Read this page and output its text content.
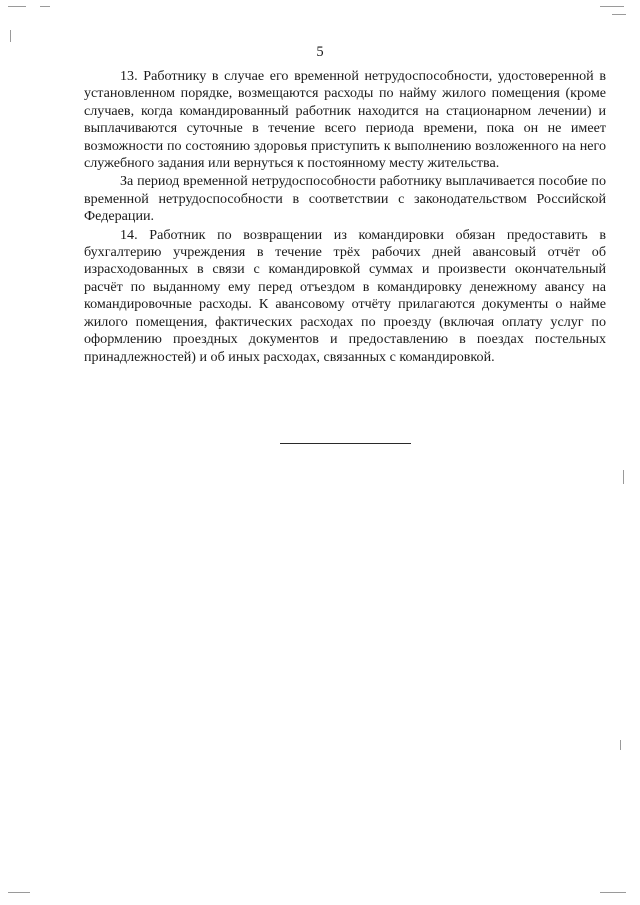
5

13. Работнику в случае его временной нетрудоспособности, удостоверенной в установленном порядке, возмещаются расходы по найму жилого помещения (кроме случаев, когда командированный работник находится на стационарном лечении) и выплачиваются суточные в течение всего периода времени, пока он не имеет возможности по состоянию здоровья приступить к выполнению возложенного на него служебного задания или вернуться к постоянному месту жительства.

За период временной нетрудоспособности работнику выплачивается пособие по временной нетрудоспособности в соответствии с законодательством Российской Федерации.

14. Работник по возвращении из командировки обязан предоставить в бухгалтерию учреждения в течение трёх рабочих дней авансовый отчёт об израсходованных в связи с командировкой суммах и произвести окончательный расчёт по выданному ему перед отъездом в командировку денежному авансу на командировочные расходы. К авансовому отчёту прилагаются документы о найме жилого помещения, фактических расходах по проезду (включая оплату услуг по оформлению проездных документов и предоставлению в поездах постельных принадлежностей) и об иных расходах, связанных с командировкой.
